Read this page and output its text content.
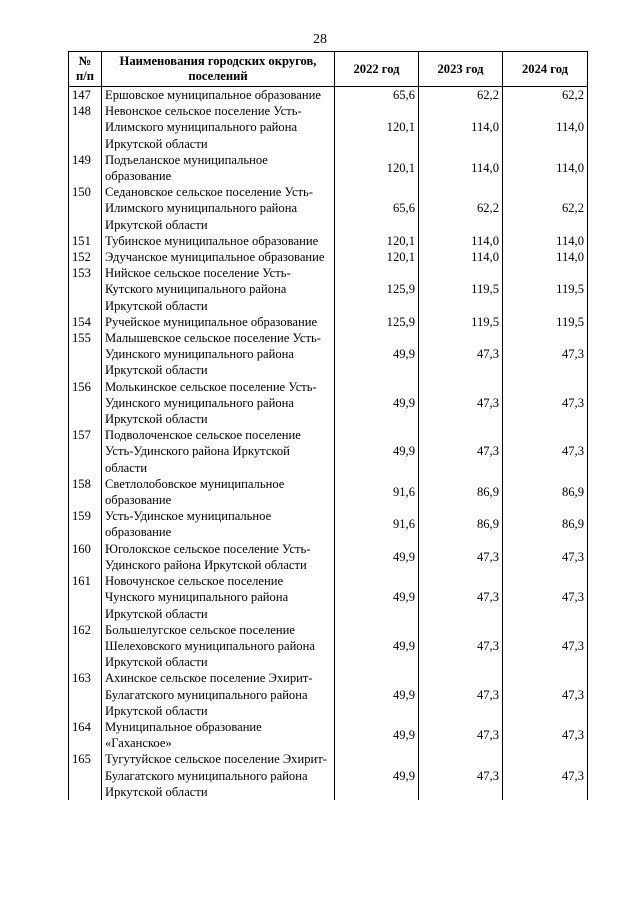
28
№ п/п	Наименования городских округов, поселений	2022 год	2023 год	2024 год
147	Ершовское муниципальное образование	65,6	62,2	62,2
148	Невонское сельское поселение Усть-Илимского муниципального района Иркутской области	120,1	114,0	114,0
149	Подъеланское муниципальное образование	120,1	114,0	114,0
150	Седановское сельское поселение Усть-Илимского муниципального района Иркутской области	65,6	62,2	62,2
151	Тубинское муниципальное образование	120,1	114,0	114,0
152	Эдучанское муниципальное образование	120,1	114,0	114,0
153	Нийское сельское поселение Усть-Кутского муниципального района Иркутской области	125,9	119,5	119,5
154	Ручейское муниципальное образование	125,9	119,5	119,5
155	Малышевское сельское поселение Усть-Удинского муниципального района Иркутской области	49,9	47,3	47,3
156	Молькинское сельское поселение Усть-Удинского муниципального района Иркутской области	49,9	47,3	47,3
157	Подволоченское сельское поселение Усть-Удинского района Иркутской области	49,9	47,3	47,3
158	Светлолобовское муниципальное образование	91,6	86,9	86,9
159	Усть-Удинское муниципальное образование	91,6	86,9	86,9
160	Юголокское сельское поселение Усть-Удинского района Иркутской области	49,9	47,3	47,3
161	Новочунское сельское поселение Чунского муниципального района Иркутской области	49,9	47,3	47,3
162	Большелугское сельское поселение Шелеховского муниципального района Иркутской области	49,9	47,3	47,3
163	Ахинское сельское поселение Эхирит-Булагатского муниципального района Иркутской области	49,9	47,3	47,3
164	Муниципальное образование «Гаханское»	49,9	47,3	47,3
165	Тугутуйское сельское поселение Эхирит-Булагатского муниципального района Иркутской области	49,9	47,3	47,3
